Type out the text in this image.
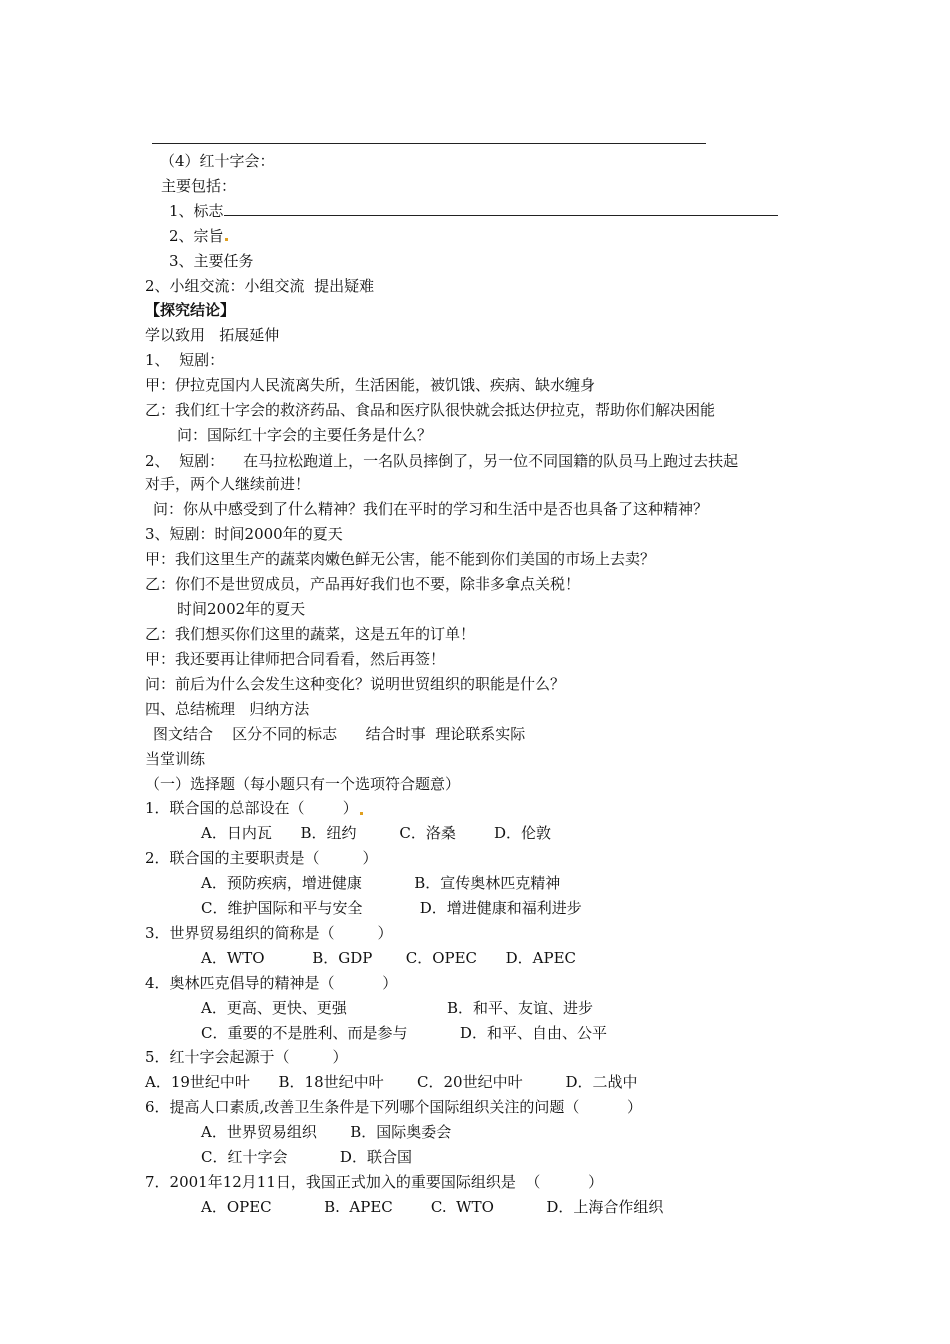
（4）红十字会：
主要包括：
1、标志
2、宗旨
3、主要任务
2、小组交流：小组交流  提出疑难
【探究结论】
学以致用   拓展延伸
1、  短剧：
甲：伊拉克国内人民流离失所，生活困能，被饥饿、疾病、缺水缠身
乙：我们红十字会的救济药品、食品和医疗队很快就会抵达伊拉克，帮助你们解决困能
问：国际红十字会的主要任务是什么？
2、  短剧：    在马拉松跑道上，一名队员摔倒了，另一位不同国籍的队员马上跑过去扶起
对手，两个人继续前进！
问：你从中感受到了什么精神？我们在平时的学习和生活中是否也具备了这种精神？
3、短剧：时间2000年的夏天
甲：我们这里生产的蔬菜肉嫩色鲜无公害，能不能到你们美国的市场上去卖？
乙：你们不是世贸成员，产品再好我们也不要，除非多拿点关税！
时间2002年的夏天
乙：我们想买你们这里的蔬菜，这是五年的订单！
甲：我还要再让律师把合同看看，然后再签！
问：前后为什么会发生这种变化？说明世贸组织的职能是什么？
四、总结梳理   归纳方法
图文结合    区分不同的标志      结合时事  理论联系实际
当堂训练
（一）选择题（每小题只有一个选项符合题意）
1．联合国的总部设在（        ）
A．日内瓦      B．纽约         C．洛桑        D．伦敦
2．联合国的主要职责是（         ）
A．预防疾病，增进健康           B．宣传奥林匹克精神
C．维护国际和平与安全            D．增进健康和福利进步
3．世界贸易组织的简称是（         ）
A．WTO          B．GDP       C．OPEC      D．APEC
4．奥林匹克倡导的精神是（          ）
A．更高、更快、更强                     B．和平、友谊、进步
C．重要的不是胜利、而是参与           D．和平、自由、公平
5．红十字会起源于（         ）
A．19世纪中叶      B．18世纪中叶       C．20世纪中叶         D．二战中
6．提高人口素质,改善卫生条件是下列哪个国际组织关注的问题（          ）
A．世界贸易组织       B．国际奥委会
C．红十字会           D．联合国
7．2001年12月11日，我国正式加入的重要国际组织是  （          ）
A．OPEC           B.  APEC        C.  WTO           D．上海合作组织
